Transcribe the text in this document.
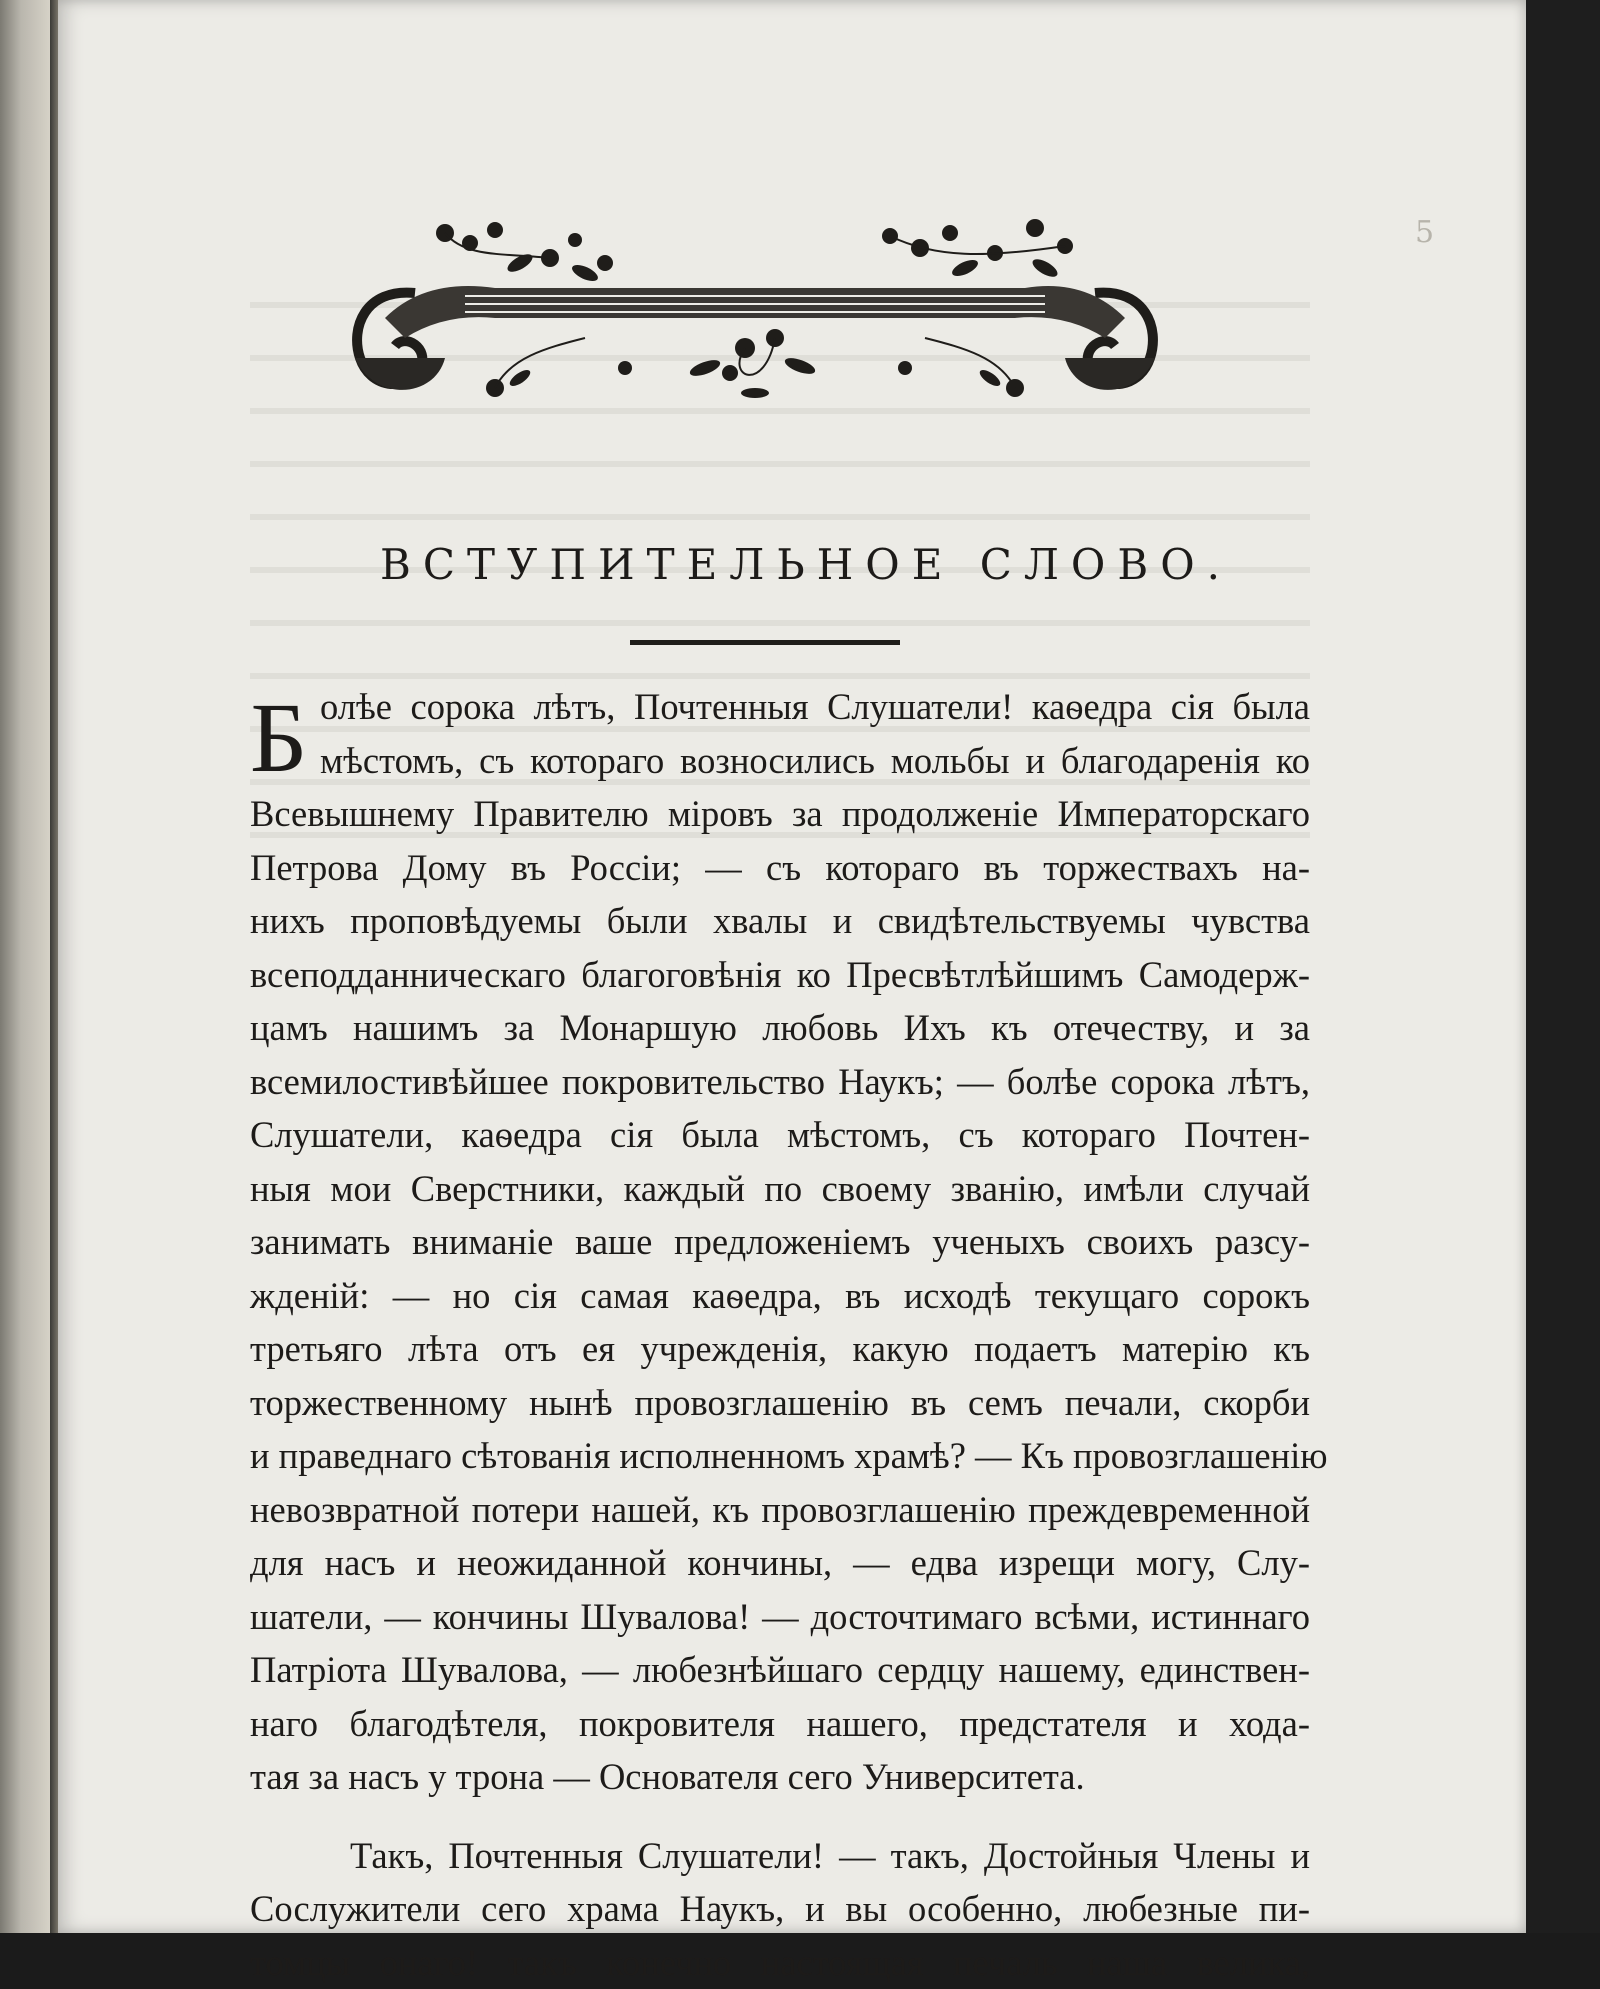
5
ВСТУПИТЕЛЬНОЕ СЛОВО.
Б олѣе сорока лѣтъ, Почтенныя Слушатели! каѳедра сія была
мѣстомъ, съ котораго возносились мольбы и благодаренія ко
Всевышнему Правителю міровъ за продолженіе Императорскаго
Петрова Дому въ Россіи; — съ котораго въ торжествахъ на-
нихъ проповѣдуемы были хвалы и свидѣтельствуемы чувства
всеподданническаго благоговѣнія ко Пресвѣтлѣйшимъ Самодерж-
цамъ нашимъ за Монаршую любовь Ихъ къ отечеству, и за
всемилостивѣйшее покровительство Наукъ; — болѣе сорока лѣтъ,
Слушатели, каѳедра сія была мѣстомъ, съ котораго Почтен-
ныя мои Сверстники, каждый по своему званію, имѣли случай
занимать вниманіе ваше предложеніемъ ученыхъ своихъ разсу-
жденій: — но сія самая каѳедра, въ исходѣ текущаго сорокъ
третьяго лѣта отъ ея учрежденія, какую подаетъ матерію къ
торжественному нынѣ провозглашенію въ семъ печали, скорби
и праведнаго сѣтованія исполненномъ храмѣ? — Къ провозглашенію
невозвратной потери нашей, къ провозглашенію преждевременной
для насъ и неожиданной кончины, — едва изрещи могу, Слу-
шатели, — кончины Шувалова! — досточтимаго всѣми, истиннаго
Патріота Шувалова, — любезнѣйшаго сердцу нашему, единствен-
наго благодѣтеля, покровителя нашего, предстателя и хода-
тая за насъ у трона — Основателя сего Университета.
Такъ, Почтенныя Слушатели! — такъ, Достойныя Члены и
Сослужители сего храма Наукъ, и вы особенно, любезные пи-
томцы онаго! такъ конечно настоящая печаль наша велика,
